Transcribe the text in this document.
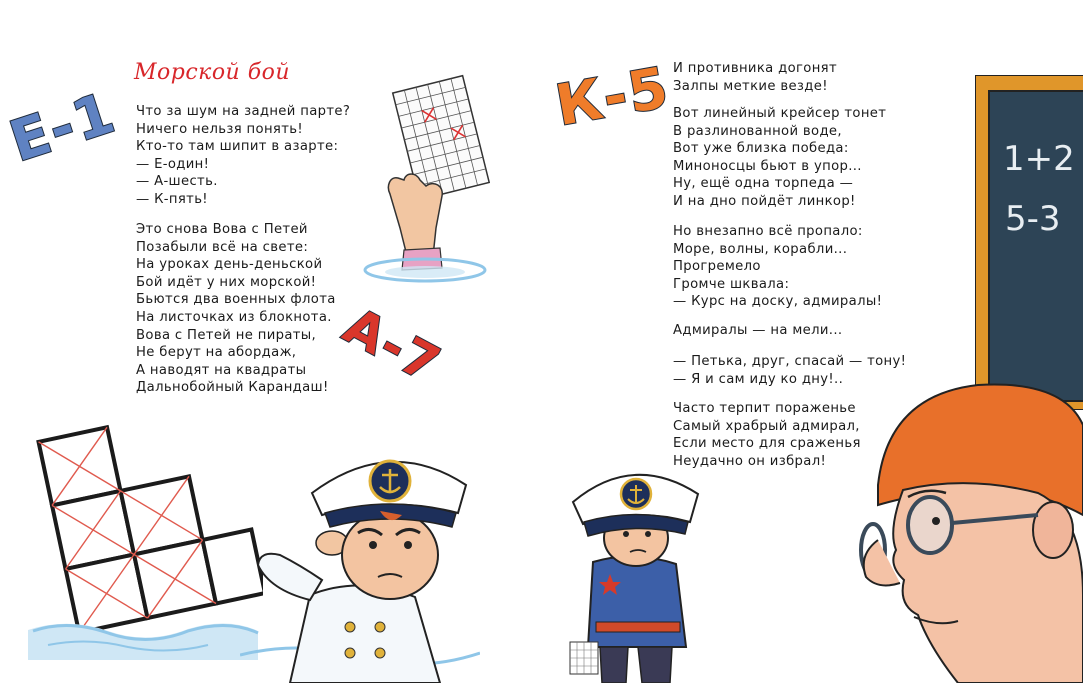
Морской бой
Что за шум на задней парте?
Ничего нельзя понять!
Кто-то там шипит в азарте:
— Е-один!
— А-шесть.
— К-пять!
Это снова Вова с Петей
Позабыли всё на свете:
На уроках день-деньской
Бой идёт у них морской!
Бьются два военных флота
На листочках из блокнота.
Вова с Петей не пираты,
Не берут на абордаж,
А наводят на квадраты
Дальнобойный Карандаш!
И противника догонят
Залпы меткие везде!
Вот линейный крейсер тонет
В разлинованной воде,
Вот уже близка победа:
Миноносцы бьют в упор...
Ну, ещё одна торпеда —
И на дно пойдёт линкор!
Но внезапно всё пропало:
Море, волны, корабли...
Прогремело
Громче шквала:
— Курс на доску, адмиралы!
Адмиралы — на мели...
— Петька, друг, спасай — тону!
— Я и сам иду ко дну!..
Часто терпит пораженье
Самый храбрый адмирал,
Если место для сраженья
Неудачно он избрал!
Е-1
А-7
К-5
1+2
5-3
